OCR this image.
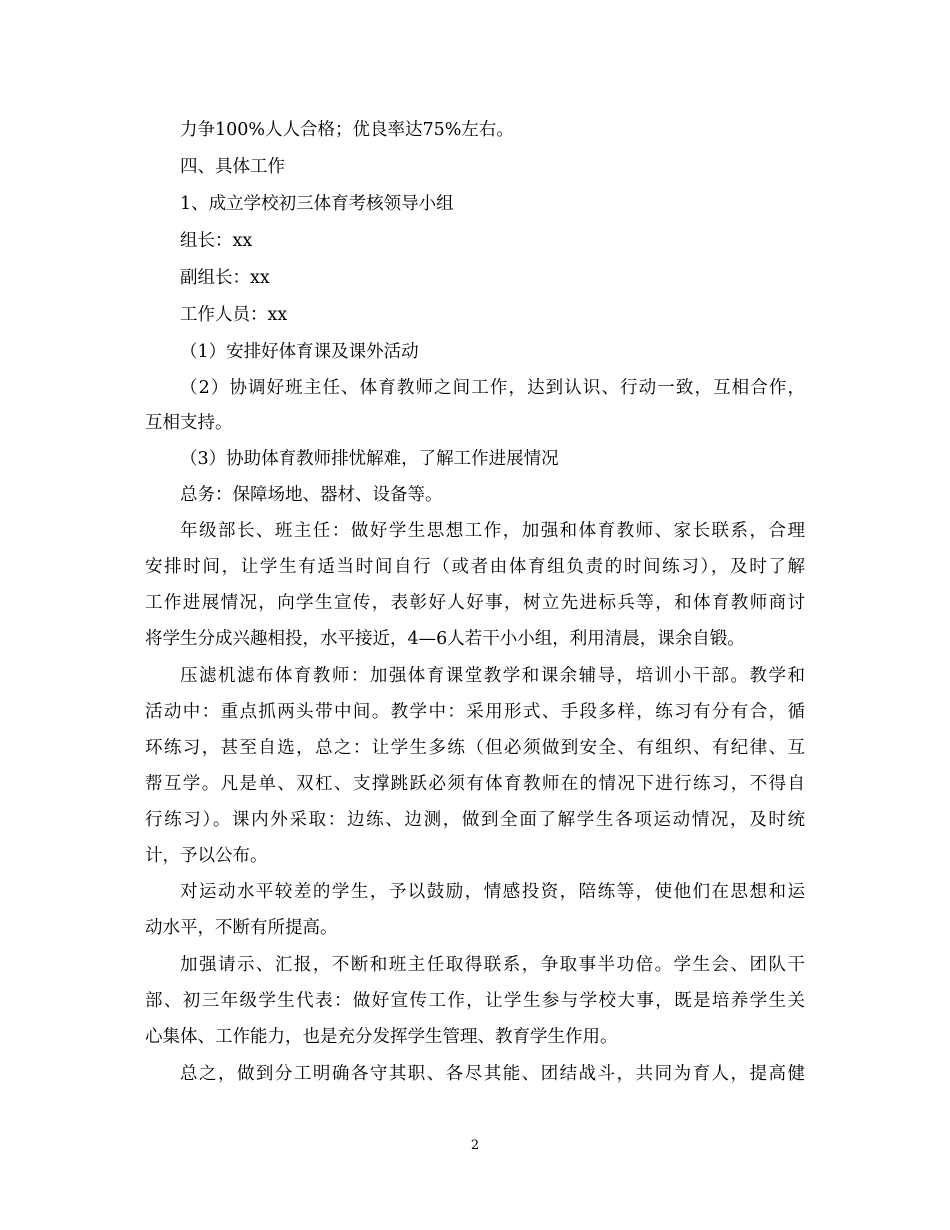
力争100%人人合格；优良率达75%左右。
四、具体工作
1、成立学校初三体育考核领导小组
组长：xx
副组长：xx
工作人员：xx
（1）安排好体育课及课外活动
（2）协调好班主任、体育教师之间工作，达到认识、行动一致，互相合作，
互相支持。
（3）协助体育教师排忧解难，了解工作进展情况
总务：保障场地、器材、设备等。
年级部长、班主任：做好学生思想工作，加强和体育教师、家长联系，合理
安排时间，让学生有适当时间自行（或者由体育组负责的时间练习），及时了解
工作进展情况，向学生宣传，表彰好人好事，树立先进标兵等，和体育教师商讨
将学生分成兴趣相投，水平接近，4—6人若干小小组，利用清晨，课余自锻。
压滤机滤布体育教师：加强体育课堂教学和课余辅导，培训小干部。教学和
活动中：重点抓两头带中间。教学中：采用形式、手段多样，练习有分有合，循
环练习，甚至自选，总之：让学生多练（但必须做到安全、有组织、有纪律、互
帮互学。凡是单、双杠、支撑跳跃必须有体育教师在的情况下进行练习，不得自
行练习）。课内外采取：边练、边测，做到全面了解学生各项运动情况，及时统
计，予以公布。
对运动水平较差的学生，予以鼓励，情感投资，陪练等，使他们在思想和运
动水平，不断有所提高。
加强请示、汇报，不断和班主任取得联系，争取事半功倍。学生会、团队干
部、初三年级学生代表：做好宣传工作，让学生参与学校大事，既是培养学生关
心集体、工作能力，也是充分发挥学生管理、教育学生作用。
总之，做到分工明确各守其职、各尽其能、团结战斗，共同为育人，提高健
2
